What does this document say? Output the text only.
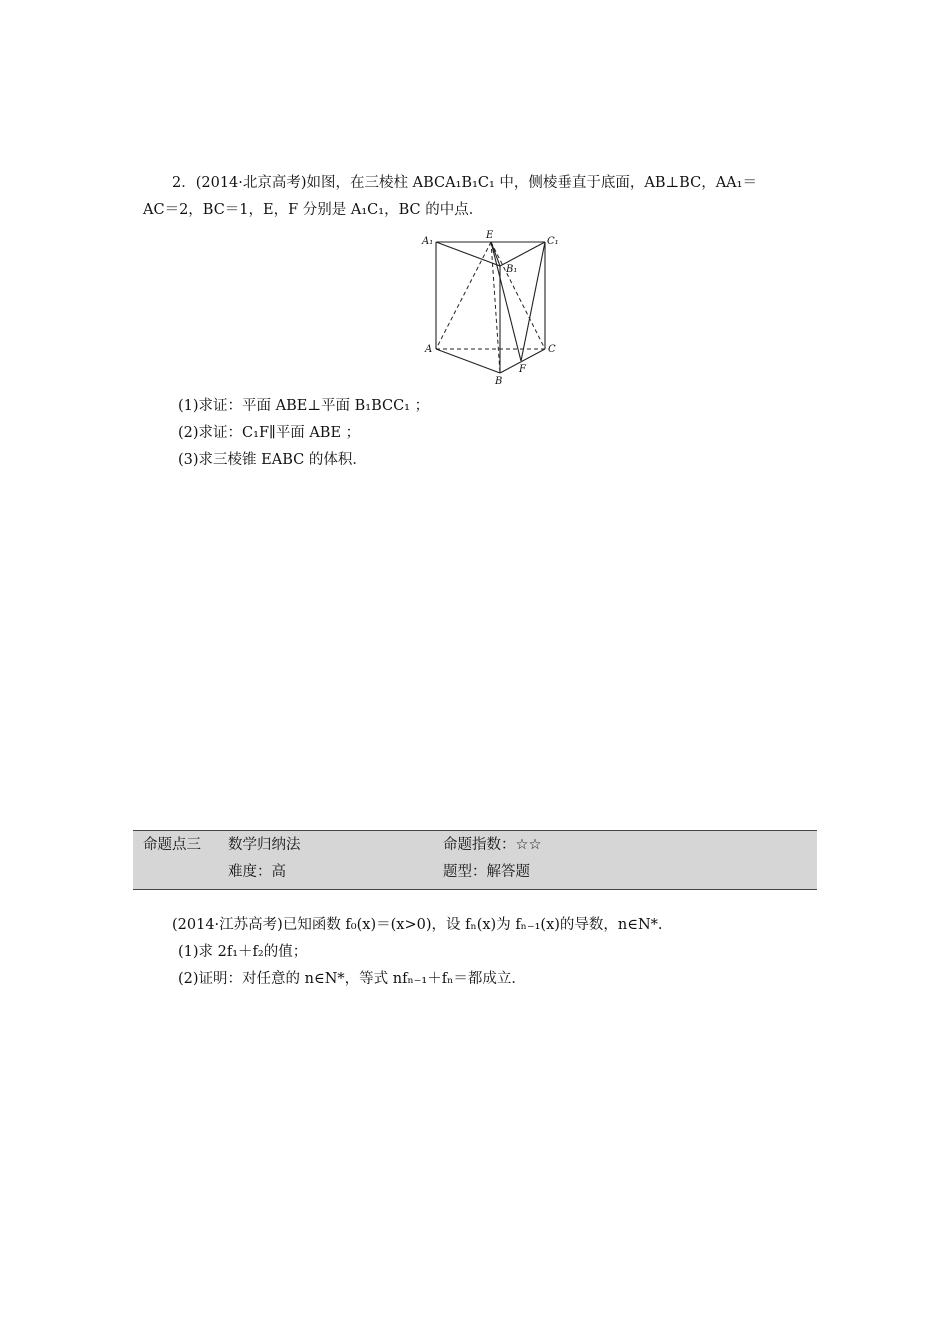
2．(2014·北京高考)如图，在三棱柱 ABCA₁B₁C₁ 中，侧棱垂直于底面，AB⊥BC，AA₁＝
AC＝2，BC＝1，E，F 分别是 A₁C₁，BC 的中点．
A₁
E
C₁
B₁
A	C
B
F
(1)求证：平面 ABE⊥平面 B₁BCC₁ ；
(2)求证：C₁F∥平面 ABE ；
(3)求三棱锥 EABC 的体积．
命题点三 数学归纳法	命题指数：☆☆
难度：高	题型：解答题
(2014·江苏高考)已知函数 f₀(x)＝(x>0)，设 fₙ(x)为 fₙ₋₁(x)的导数，n∈N*.
(1)求 2f₁＋f₂的值；
(2)证明：对任意的 n∈N*，等式 nfₙ₋₁＋fₙ＝都成立．
